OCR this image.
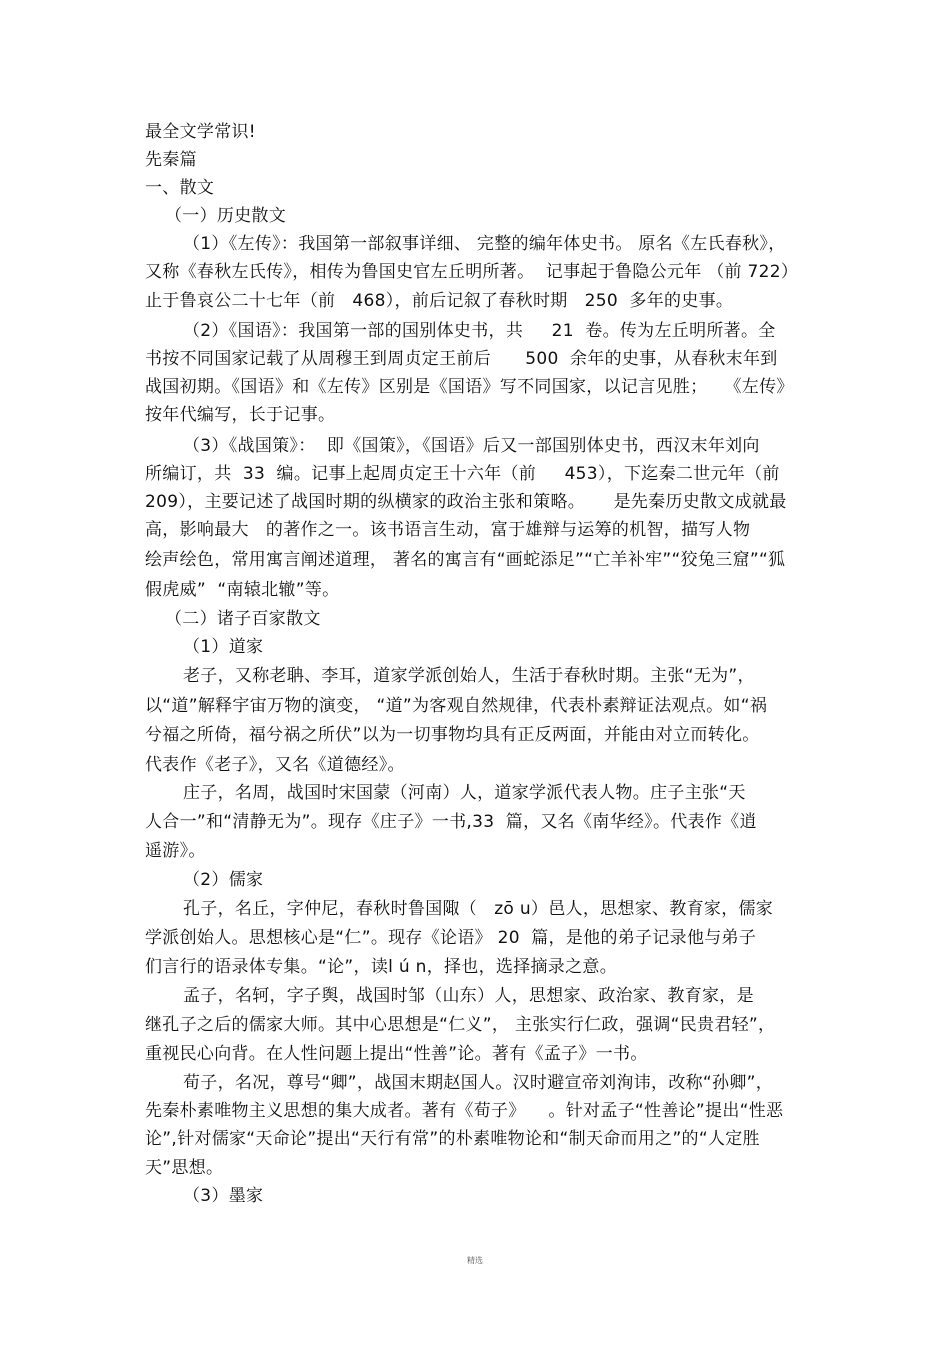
最全文学常识!
先秦篇
一、散文
（一）历史散文
（1）《左传》：我国第一部叙事详细、 完整的编年体史书。 原名《左氏春秋》，
又称《春秋左氏传》，相传为鲁国史官左丘明所著。  记事起于鲁隐公元年 （前 722）
止于鲁哀公二十七年（前   468），前后记叙了春秋时期   250  多年的史事。
（2）《国语》：我国第一部的国别体史书，共     21  卷。传为左丘明所著。全
书按不同国家记载了从周穆王到周贞定王前后      500  余年的史事，从春秋末年到
战国初期。《国语》和《左传》区别是《国语》写不同国家，以记言见胜；   《左传》
按年代编写，长于记事。
（3）《战国策》：  即《国策》，《国语》后又一部国别体史书，西汉末年刘向
所编订，共  33  编。记事上起周贞定王十六年（前     453），下迄秦二世元年（前
209），主要记述了战国时期的纵横家的政治主张和策略。     是先秦历史散文成就最
高，影响最大   的著作之一。该书语言生动，富于雄辩与运筹的机智，描写人物
绘声绘色，常用寓言阐述道理， 著名的寓言有“画蛇添足”“亡羊补牢”“狡兔三窟”“狐
假虎威”  “南辕北辙”等。
（二）诸子百家散文
（1）道家
老子，又称老聃、李耳，道家学派创始人，生活于春秋时期。主张“无为”，
以“道”解释宇宙万物的演变， “道”为客观自然规律，代表朴素辩证法观点。如“祸
兮福之所倚，福兮祸之所伏”以为一切事物均具有正反两面，并能由对立而转化。
代表作《老子》，又名《道德经》。
庄子，名周，战国时宋国蒙（河南）人，道家学派代表人物。庄子主张“天
人合一”和“清静无为”。现存《庄子》一书,33  篇，又名《南华经》。代表作《逍
遥游》。
（2）儒家
孔子，名丘，字仲尼，春秋时鲁国陬（   zō u）邑人，思想家、教育家，儒家
学派创始人。思想核心是“仁”。现存《论语》 20  篇，是他的弟子记录他与弟子
们言行的语录体专集。“论”，读l ú n，择也，选择摘录之意。
孟子，名轲，字子舆，战国时邹（山东）人，思想家、政治家、教育家，是
继孔子之后的儒家大师。其中心思想是“仁义”， 主张实行仁政，强调“民贵君轻”，
重视民心向背。在人性问题上提出“性善”论。著有《孟子》一书。
荀子，名况，尊号“卿”，战国末期赵国人。汉时避宣帝刘洵讳，改称“孙卿”，
先秦朴素唯物主义思想的集大成者。著有《荀子》    。针对孟子“性善论”提出“性恶
论”,针对儒家“天命论”提出“天行有常”的朴素唯物论和“制天命而用之”的“人定胜
天”思想。
（3）墨家
精选
